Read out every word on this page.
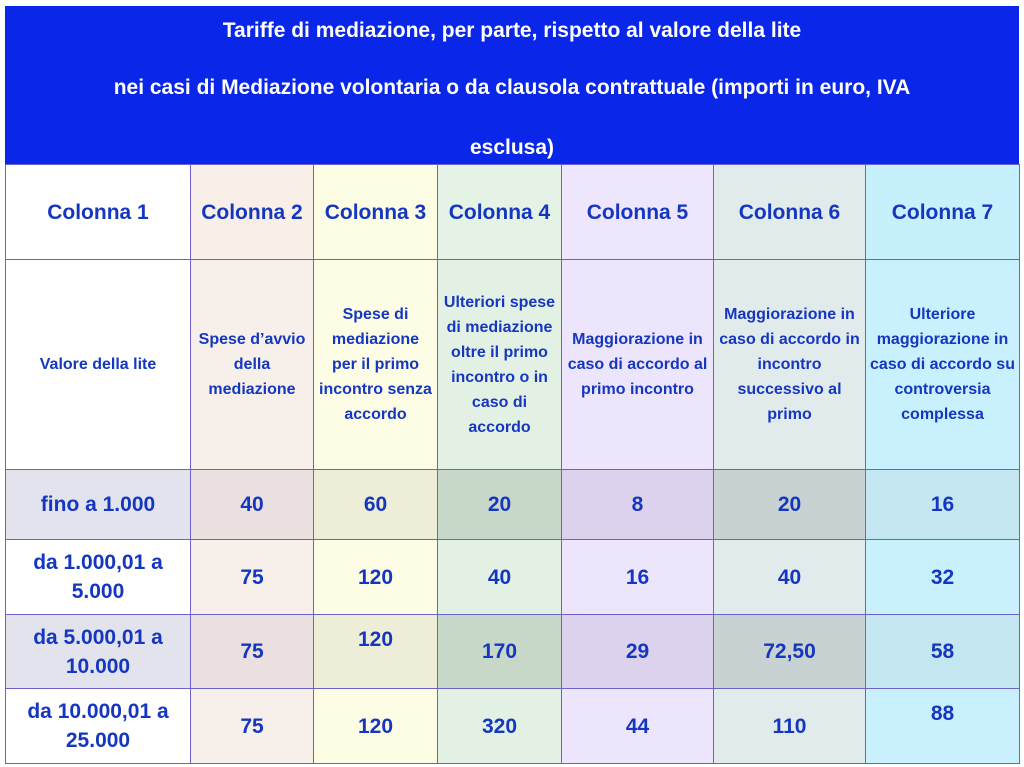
Tariffe di mediazione, per parte, rispetto al valore della lite
nei casi di Mediazione volontaria o da clausola contrattuale (importi in euro, IVA
esclusa)
Colonna 1	Colonna 2	Colonna 3	Colonna 4	Colonna 5	Colonna 6	Colonna 7
Valore della lite	Spese d’avvio della mediazione	Spese di mediazione per il primo incontro senza accordo	Ulteriori spese di mediazione oltre il primo incontro o in caso di accordo	Maggiorazione in caso di accordo al primo incontro	Maggiorazione in caso di accordo in incontro successivo al primo	Ulteriore maggiorazione in caso di accordo su controversia complessa
fino a 1.000	40	60	20	8	20	16
da 1.000,01 a 5.000	75	120	40	16	40	32
da 5.000,01 a 10.000	75	120	170	29	72,50	58
da 10.000,01 a 25.000	75	120	320	44	110	88
